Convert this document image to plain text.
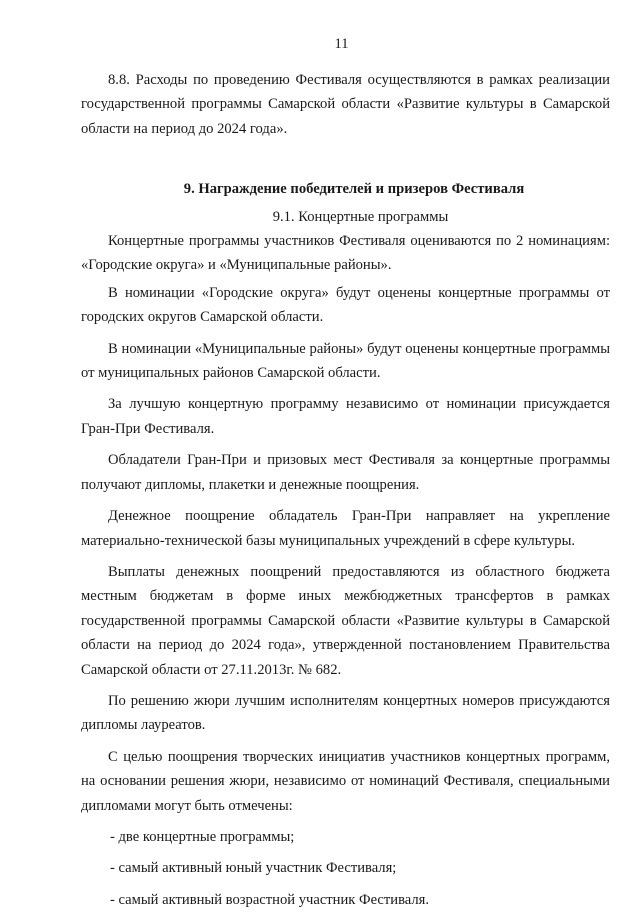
11

8.8. Расходы по проведению Фестиваля осуществляются в рамках реализации государственной программы Самарской области «Развитие культуры в Самарской области на период до 2024 года».

9. Награждение победителей и призеров Фестиваля

9.1. Концертные программы

Концертные программы участников Фестиваля оцениваются по 2 номинациям: «Городские округа» и «Муниципальные районы».

В номинации «Городские округа» будут оценены концертные программы от городских округов Самарской области.

В номинации «Муниципальные районы» будут оценены концертные программы от муниципальных районов Самарской области.

За лучшую концертную программу независимо от номинации присуждается Гран-При Фестиваля.

Обладатели Гран-При и призовых мест Фестиваля за концертные программы получают дипломы, плакетки и денежные поощрения.

Денежное поощрение обладатель Гран-При направляет на укрепление материально-технической базы муниципальных учреждений в сфере культуры.

Выплаты денежных поощрений предоставляются из областного бюджета местным бюджетам в форме иных межбюджетных трансфертов в рамках государственной программы Самарской области «Развитие культуры в Самарской области на период до 2024 года», утвержденной постановлением Правительства Самарской области от 27.11.2013г. № 682.

По решению жюри лучшим исполнителям концертных номеров присуждаются дипломы лауреатов.

С целью поощрения творческих инициатив участников концертных программ, на основании решения жюри, независимо от номинаций Фестиваля, специальными дипломами могут быть отмечены:

- две концертные программы;

- самый активный юный участник Фестиваля;

- самый активный возрастной участник Фестиваля.
